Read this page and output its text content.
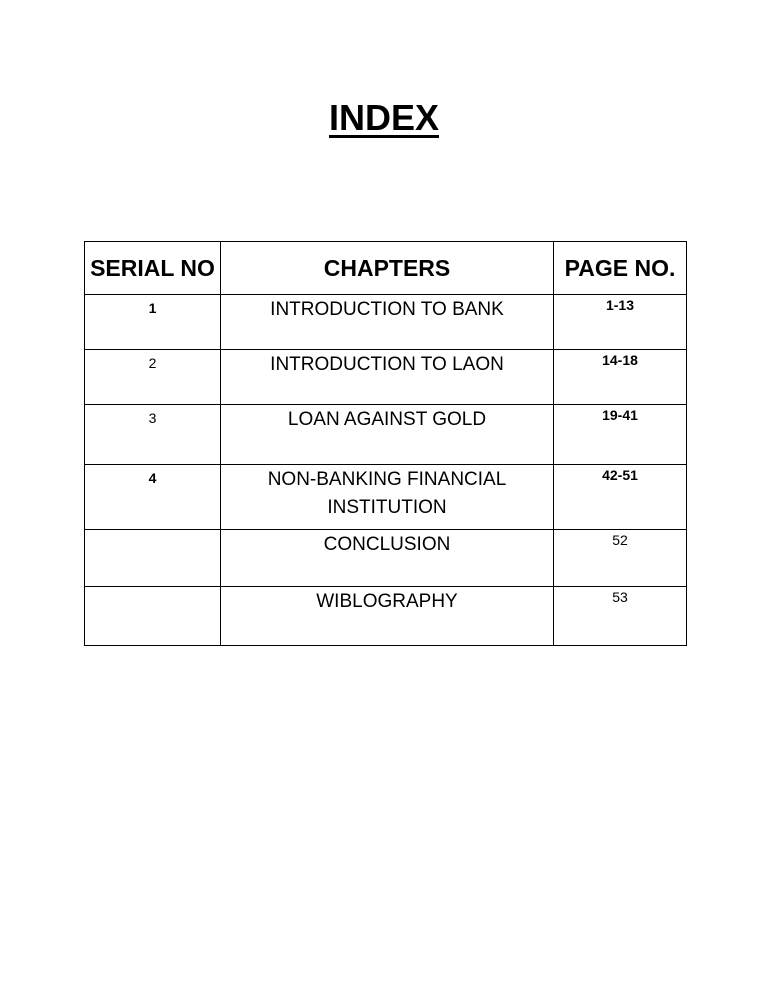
INDEX
SERIAL NO	CHAPTERS	PAGE NO.
1	INTRODUCTION TO BANK	1-13
2	INTRODUCTION TO LAON	14-18
3	LOAN AGAINST GOLD	19-41
4	NON-BANKING FINANCIAL INSTITUTION	42-51
	CONCLUSION	52
	WIBLOGRAPHY	53
